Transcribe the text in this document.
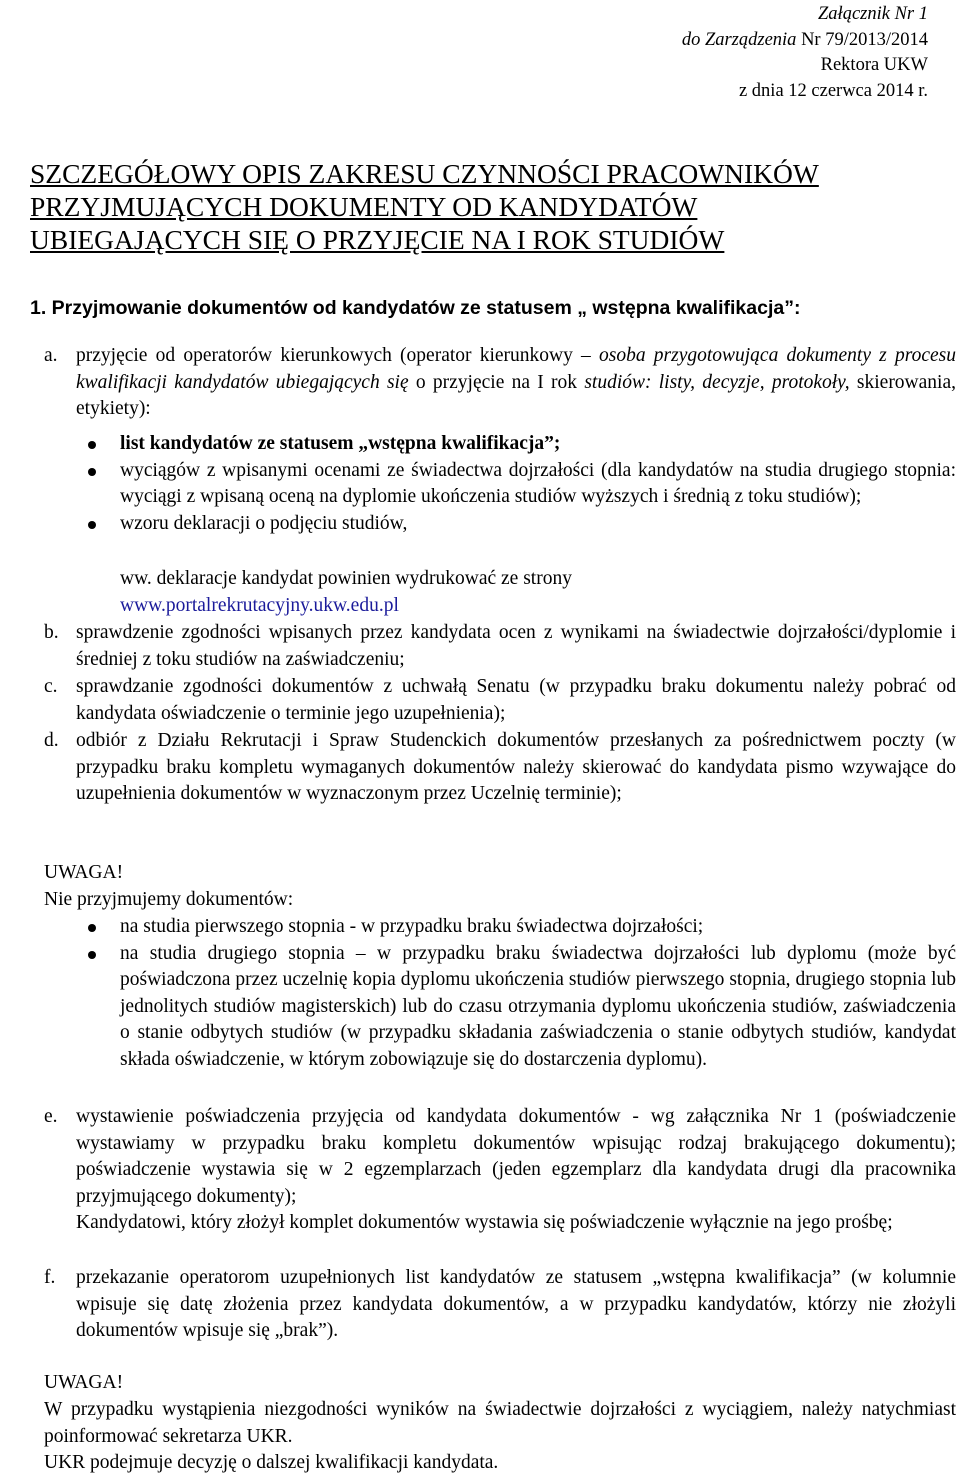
Załącznik Nr 1
do Zarządzenia Nr 79/2013/2014
Rektora UKW
z dnia 12 czerwca 2014 r.
SZCZEGÓŁOWY OPIS ZAKRESU CZYNNOŚCI PRACOWNIKÓW
PRZYJMUJĄCYCH DOKUMENTY OD KANDYDATÓW
UBIEGAJĄCYCH SIĘ O PRZYJĘCIE NA I ROK STUDIÓW
1. Przyjmowanie dokumentów od kandydatów ze statusem „ wstępna kwalifikacja”:
a. przyjęcie od operatorów kierunkowych (operator kierunkowy – osoba przygotowująca dokumenty z procesu kwalifikacji kandydatów ubiegających się o przyjęcie na I rok studiów: listy, decyzje, protokoły, skierowania, etykiety):
list kandydatów ze statusem „wstępna kwalifikacja”;
wyciągów z wpisanymi ocenami ze świadectwa dojrzałości (dla kandydatów na studia drugiego stopnia: wyciągi z wpisaną oceną na dyplomie ukończenia studiów wyższych i średnią z toku studiów);
wzoru deklaracji o podjęciu studiów,
ww. deklaracje kandydat powinien wydrukować ze strony
www.portalrekrutacyjny.ukw.edu.pl
b. sprawdzenie zgodności wpisanych przez kandydata ocen z wynikami na świadectwie dojrzałości/dyplomie i średniej z toku studiów na zaświadczeniu;
c. sprawdzanie zgodności dokumentów z uchwałą Senatu (w przypadku braku dokumentu należy pobrać od kandydata oświadczenie o terminie jego uzupełnienia);
d. odbiór z Działu Rekrutacji i Spraw Studenckich dokumentów przesłanych za pośrednictwem poczty (w przypadku braku kompletu wymaganych dokumentów należy skierować do kandydata pismo wzywające do uzupełnienia dokumentów w wyznaczonym przez Uczelnię terminie);
UWAGA!
Nie przyjmujemy dokumentów:
na studia pierwszego stopnia - w przypadku braku świadectwa dojrzałości;
na studia drugiego stopnia – w przypadku braku świadectwa dojrzałości lub dyplomu (może być poświadczona przez uczelnię kopia dyplomu ukończenia studiów pierwszego stopnia, drugiego stopnia lub jednolitych studiów magisterskich) lub do czasu otrzymania dyplomu ukończenia studiów, zaświadczenia o stanie odbytych studiów (w przypadku składania zaświadczenia o stanie odbytych studiów, kandydat składa oświadczenie, w którym zobowiązuje się do dostarczenia dyplomu).
e. wystawienie poświadczenia przyjęcia od kandydata dokumentów - wg załącznika Nr 1 (poświadczenie wystawiamy w przypadku braku kompletu dokumentów wpisując rodzaj brakującego dokumentu); poświadczenie wystawia się w 2 egzemplarzach (jeden egzemplarz dla kandydata drugi dla pracownika przyjmującego dokumenty);
Kandydatowi, który złożył komplet dokumentów wystawia się poświadczenie wyłącznie na jego prośbę;
f. przekazanie operatorom uzupełnionych list kandydatów ze statusem „wstępna kwalifikacja” (w kolumnie wpisuje się datę złożenia przez kandydata dokumentów, a w przypadku kandydatów, którzy nie złożyli dokumentów wpisuje się „brak”).
UWAGA!
W przypadku wystąpienia niezgodności wyników na świadectwie dojrzałości z wyciągiem, należy natychmiast poinformować sekretarza UKR.
UKR podejmuje decyzję o dalszej kwalifikacji kandydata.
